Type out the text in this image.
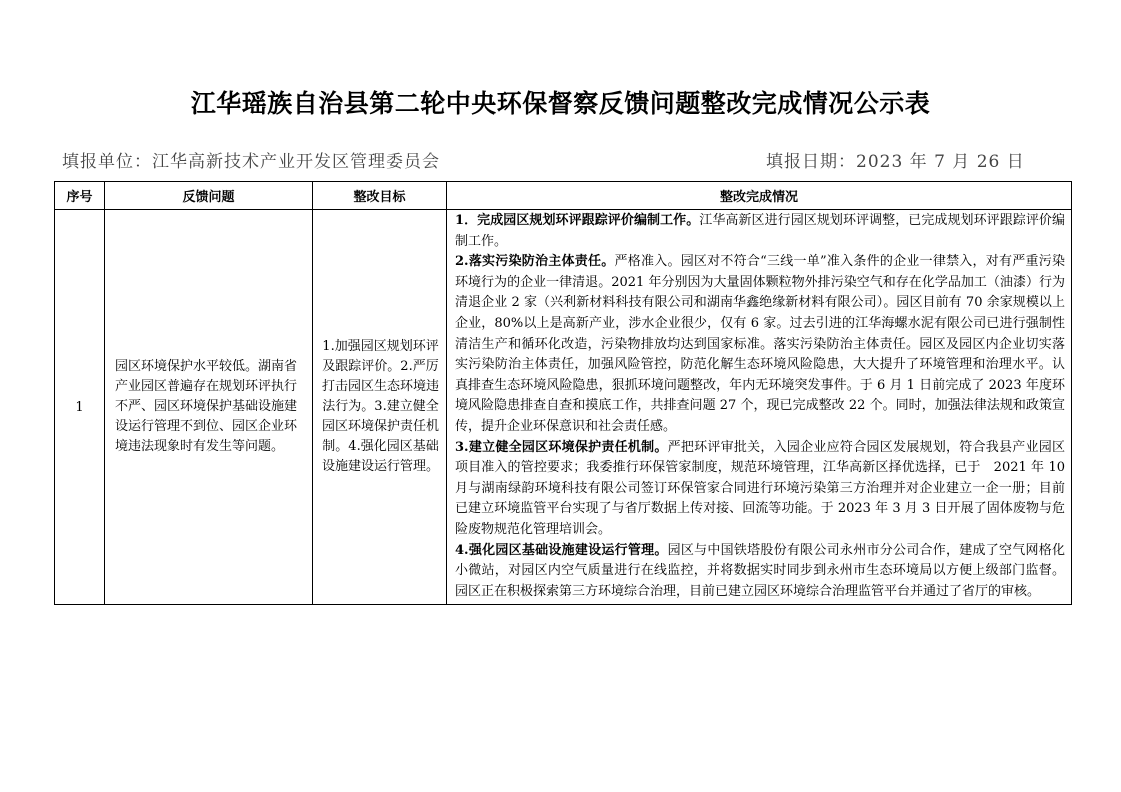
江华瑶族自治县第二轮中央环保督察反馈问题整改完成情况公示表
填报单位：江华高新技术产业开发区管理委员会	填报日期：2023 年 7 月 26 日
序号	反馈问题	整改目标	整改完成情况
1	园区环境保护水平较低。湖南省产业园区普遍存在规划环评执行不严、园区环境保护基础设施建设运行管理不到位、园区企业环境违法现象时有发生等问题。	1.加强园区规划环评及跟踪评价。2.严厉打击园区生态环境违法行为。3.建立健全园区环境保护责任机制。4.强化园区基础设施建设运行管理。	1．完成园区规划环评跟踪评价编制工作。江华高新区进行园区规划环评调整，已完成规划环评跟踪评价编制工作。

2.落实污染防治主体责任。严格准入。园区对不符合“三线一单”准入条件的企业一律禁入，对有严重污染环境行为的企业一律清退。2021 年分别因为大量固体颗粒物外排污染空气和存在化学品加工（油漆）行为清退企业 2 家（兴利新材料科技有限公司和湖南华鑫绝缘新材料有限公司）。园区目前有 70 余家规模以上企业，80%以上是高新产业，涉水企业很少，仅有 6 家。过去引进的江华海螺水泥有限公司已进行强制性清洁生产和循环化改造，污染物排放均达到国家标准。落实污染防治主体责任。园区及园区内企业切实落实污染防治主体责任，加强风险管控，防范化解生态环境风险隐患，大大提升了环境管理和治理水平。认真排查生态环境风险隐患，狠抓环境问题整改，年内无环境突发事件。于 6 月 1 日前完成了 2023 年度环境风险隐患排查自查和摸底工作，共排查问题 27 个，现已完成整改 22 个。同时，加强法律法规和政策宣传，提升企业环保意识和社会责任感。

3.建立健全园区环境保护责任机制。严把环评审批关，入园企业应符合园区发展规划，符合我县产业园区项目准入的管控要求；我委推行环保管家制度，规范环境管理，江华高新区择优选择，已于　2021 年 10 月与湖南绿韵环境科技有限公司签订环保管家合同进行环境污染第三方治理并对企业建立一企一册；目前已建立环境监管平台实现了与省厅数据上传对接、回流等功能。于 2023 年 3 月 3 日开展了固体废物与危险废物规范化管理培训会。

4.强化园区基础设施建设运行管理。园区与中国铁塔股份有限公司永州市分公司合作，建成了空气网格化小微站，对园区内空气质量进行在线监控，并将数据实时同步到永州市生态环境局以方便上级部门监督。园区正在积极探索第三方环境综合治理，目前已建立园区环境综合治理监管平台并通过了省厅的审核。
